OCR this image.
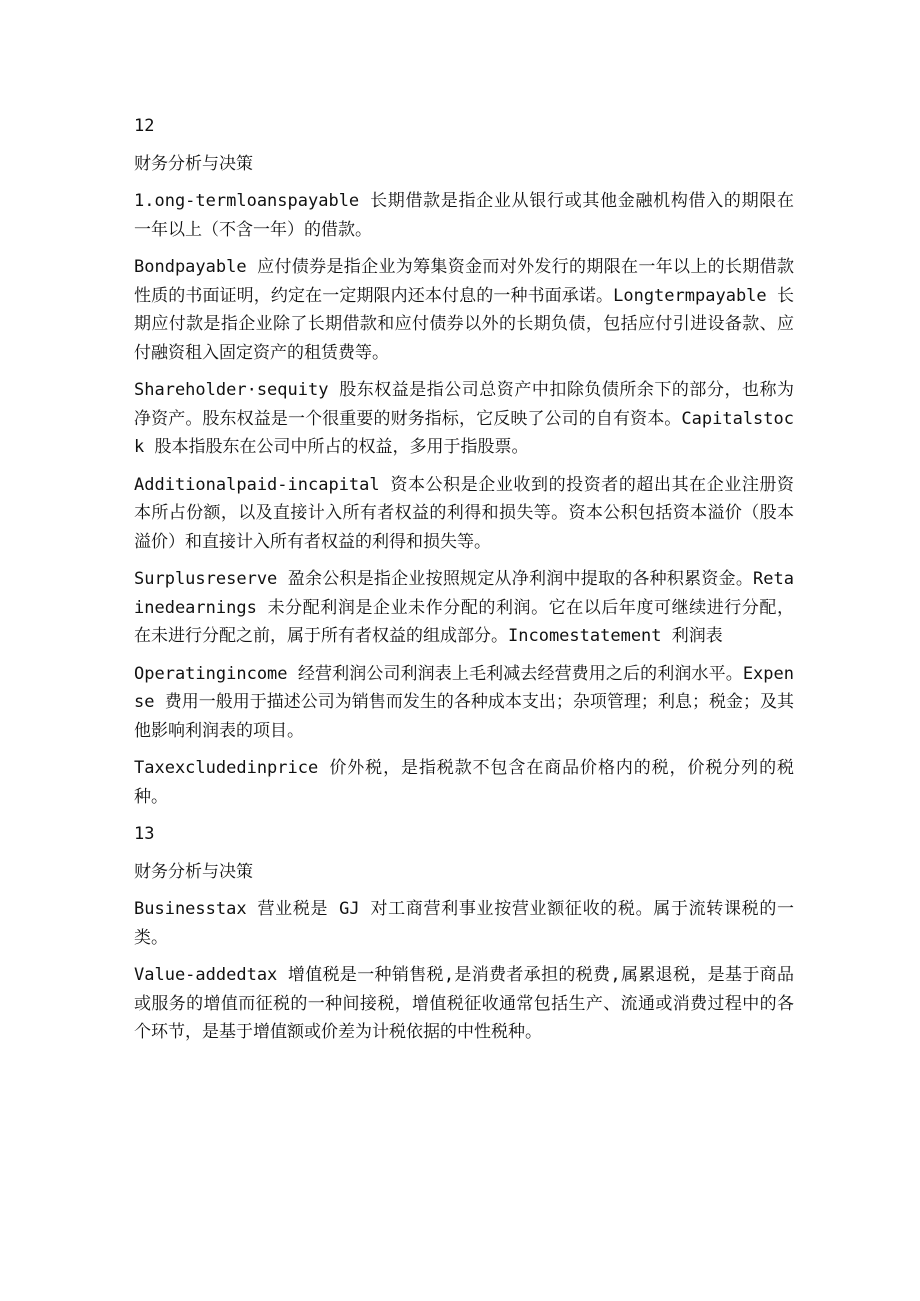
12

财务分析与决策

1.ong-termloanspayable 长期借款是指企业从银行或其他金融机构借入的期限在一年以上（不含一年）的借款。

Bondpayable 应付债券是指企业为筹集资金而对外发行的期限在一年以上的长期借款性质的书面证明，约定在一定期限内还本付息的一种书面承诺。Longtermpayable 长期应付款是指企业除了长期借款和应付债券以外的长期负债，包括应付引进设备款、应付融资租入固定资产的租赁费等。

Shareholder·sequity 股东权益是指公司总资产中扣除负债所余下的部分，也称为净资产。股东权益是一个很重要的财务指标，它反映了公司的自有资本。Capitalstock 股本指股东在公司中所占的权益，多用于指股票。

Additionalpaid-incapital 资本公积是企业收到的投资者的超出其在企业注册资本所占份额，以及直接计入所有者权益的利得和损失等。资本公积包括资本溢价（股本溢价）和直接计入所有者权益的利得和损失等。

Surplusreserve 盈余公积是指企业按照规定从净利润中提取的各种积累资金。Retainedearnings 未分配利润是企业未作分配的利润。它在以后年度可继续进行分配，在未进行分配之前，属于所有者权益的组成部分。Incomestatement 利润表

Operatingincome 经营利润公司利润表上毛利减去经营费用之后的利润水平。Expense 费用一般用于描述公司为销售而发生的各种成本支出；杂项管理；利息；税金；及其他影响利润表的项目。

Taxexcludedinprice 价外税，是指税款不包含在商品价格内的税，价税分列的税种。

13

财务分析与决策

Businesstax 营业税是 GJ 对工商营利事业按营业额征收的税。属于流转课税的一类。

Value-addedtax 增值税是一种销售税,是消费者承担的税费,属累退税，是基于商品或服务的增值而征税的一种间接税，增值税征收通常包括生产、流通或消费过程中的各个环节，是基于增值额或价差为计税依据的中性税种。
